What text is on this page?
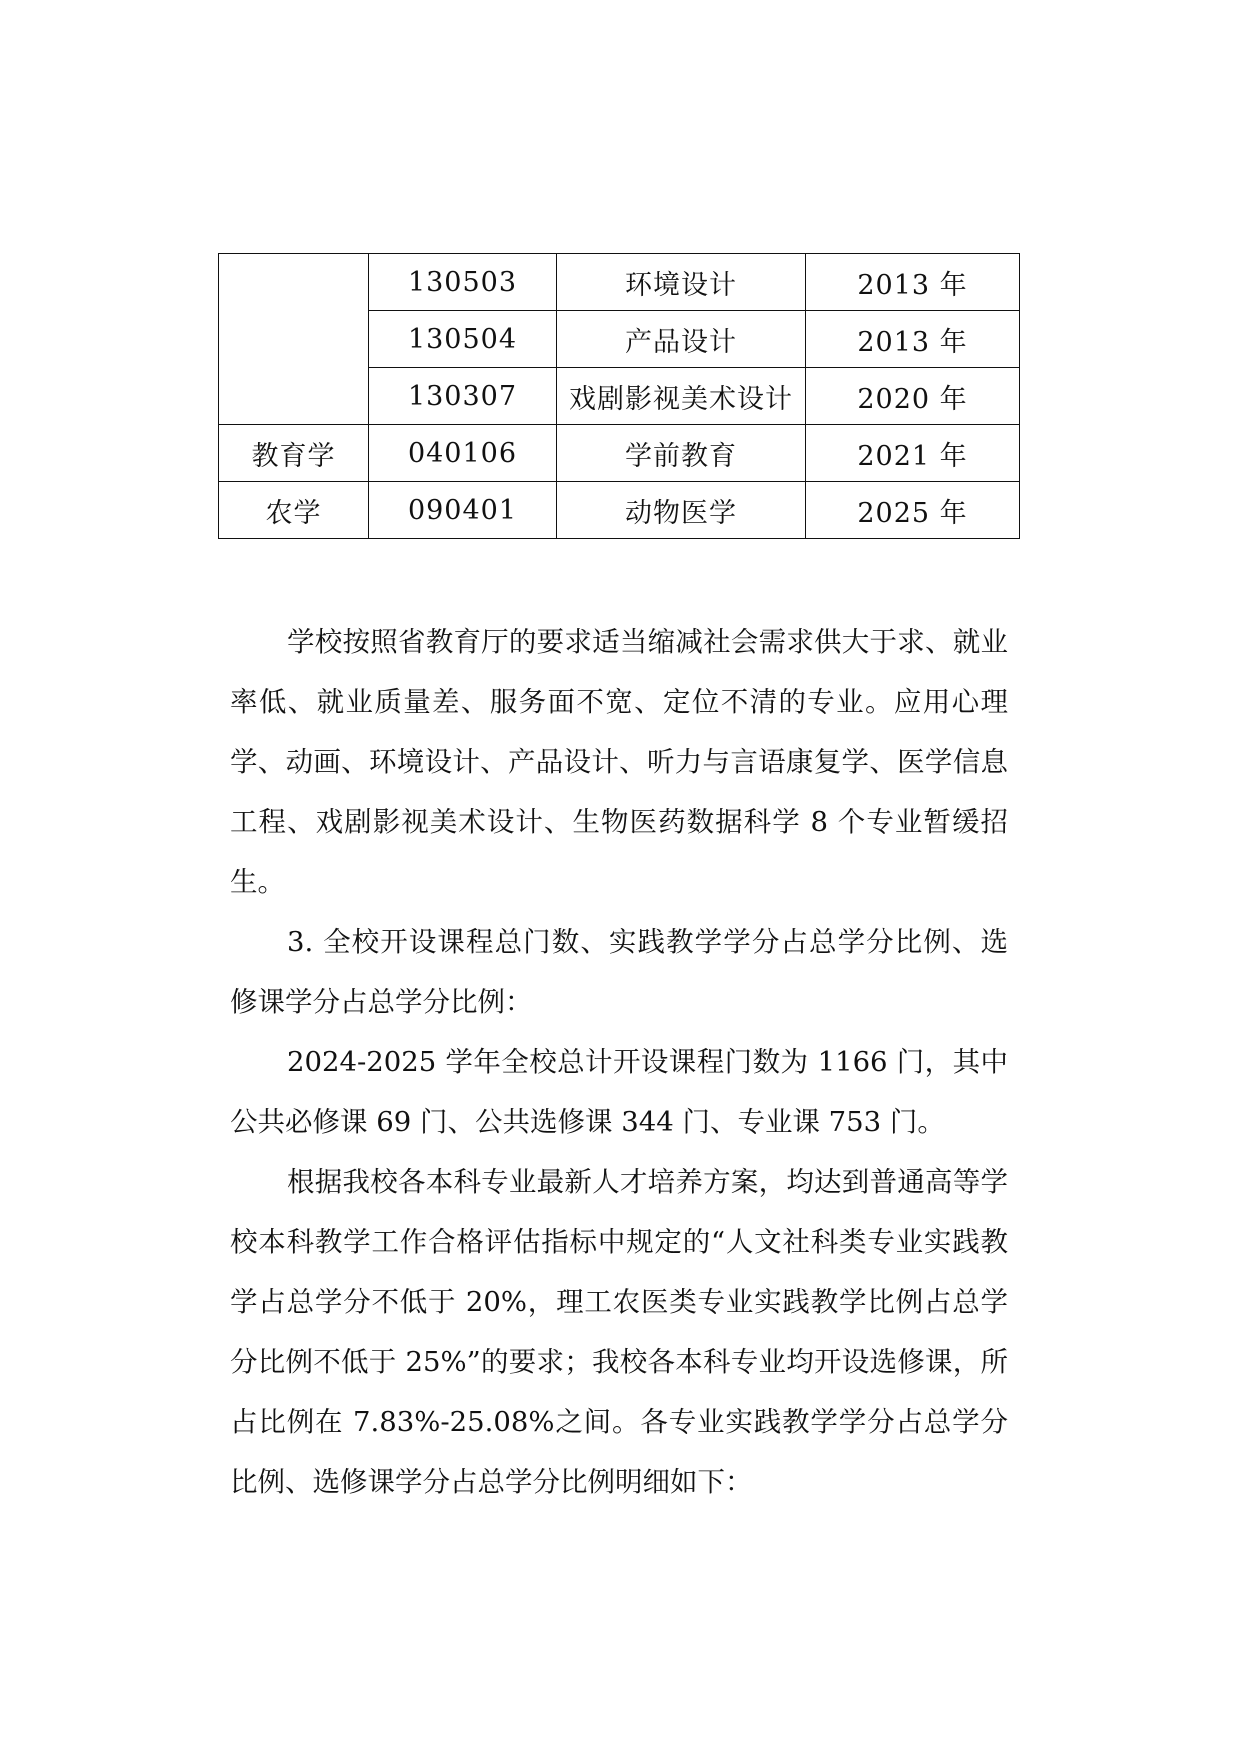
	130503	环境设计	2013 年
	130504	产品设计	2013 年
	130307	戏剧影视美术设计	2020 年
教育学	040106	学前教育	2021 年
农学	090401	动物医学	2025 年

学校按照省教育厅的要求适当缩减社会需求供大于求、就业率低、就业质量差、服务面不宽、定位不清的专业。应用心理学、动画、环境设计、产品设计、听力与言语康复学、医学信息工程、戏剧影视美术设计、生物医药数据科学 8 个专业暂缓招生。

3. 全校开设课程总门数、实践教学学分占总学分比例、选修课学分占总学分比例：

2024-2025 学年全校总计开设课程门数为 1166 门，其中公共必修课 69 门、公共选修课 344 门、专业课 753 门。

根据我校各本科专业最新人才培养方案，均达到普通高等学校本科教学工作合格评估指标中规定的“人文社科类专业实践教学占总学分不低于 20%，理工农医类专业实践教学比例占总学分比例不低于 25%”的要求；我校各本科专业均开设选修课，所占比例在 7.83%-25.08%之间。各专业实践教学学分占总学分比例、选修课学分占总学分比例明细如下：
